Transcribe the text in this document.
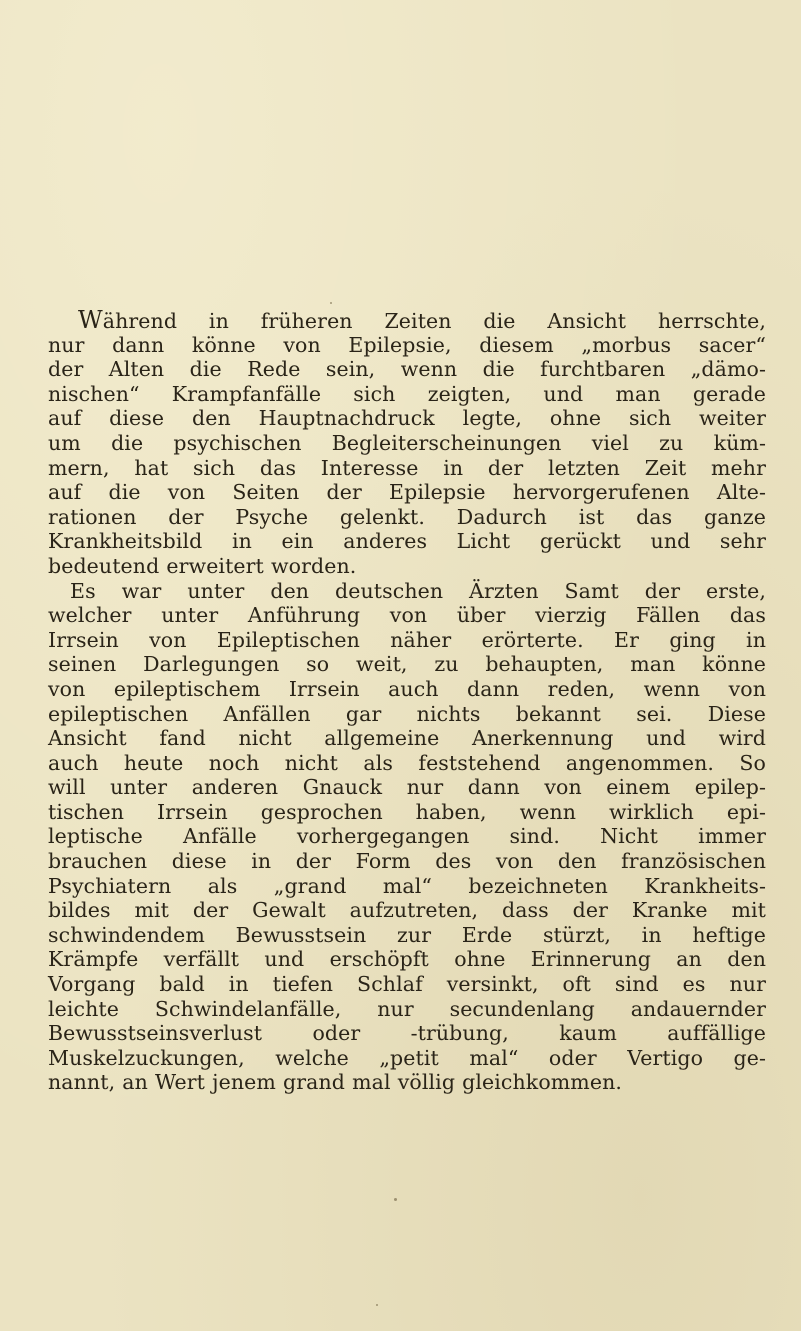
Während in früheren Zeiten die Ansicht herrschte,
nur dann könne von Epilepsie, diesem „morbus sacer“
der Alten die Rede sein, wenn die furchtbaren „dämo-
nischen“ Krampfanfälle sich zeigten, und man gerade
auf diese den Hauptnachdruck legte, ohne sich weiter
um die psychischen Begleiterscheinungen viel zu küm-
mern, hat sich das Interesse in der letzten Zeit mehr
auf die von Seiten der Epilepsie hervorgerufenen Alte-
rationen der Psyche gelenkt. Dadurch ist das ganze
Krankheitsbild in ein anderes Licht gerückt und sehr
bedeutend erweitert worden.
Es war unter den deutschen Ärzten Samt der erste,
welcher unter Anführung von über vierzig Fällen das
Irrsein von Epileptischen näher erörterte. Er ging in
seinen Darlegungen so weit, zu behaupten, man könne
von epileptischem Irrsein auch dann reden, wenn von
epileptischen Anfällen gar nichts bekannt sei. Diese
Ansicht fand nicht allgemeine Anerkennung und wird
auch heute noch nicht als feststehend angenommen. So
will unter anderen Gnauck nur dann von einem epilep-
tischen Irrsein gesprochen haben, wenn wirklich epi-
leptische Anfälle vorhergegangen sind. Nicht immer
brauchen diese in der Form des von den französischen
Psychiatern als „grand mal“ bezeichneten Krankheits-
bildes mit der Gewalt aufzutreten, dass der Kranke mit
schwindendem Bewusstsein zur Erde stürzt, in heftige
Krämpfe verfällt und erschöpft ohne Erinnerung an den
Vorgang bald in tiefen Schlaf versinkt, oft sind es nur
leichte Schwindelanfälle, nur secundenlang andauernder
Bewusstseinsverlust oder -trübung, kaum auffällige
Muskelzuckungen, welche „petit mal“ oder Vertigo ge-
nannt, an Wert jenem grand mal völlig gleichkommen.
